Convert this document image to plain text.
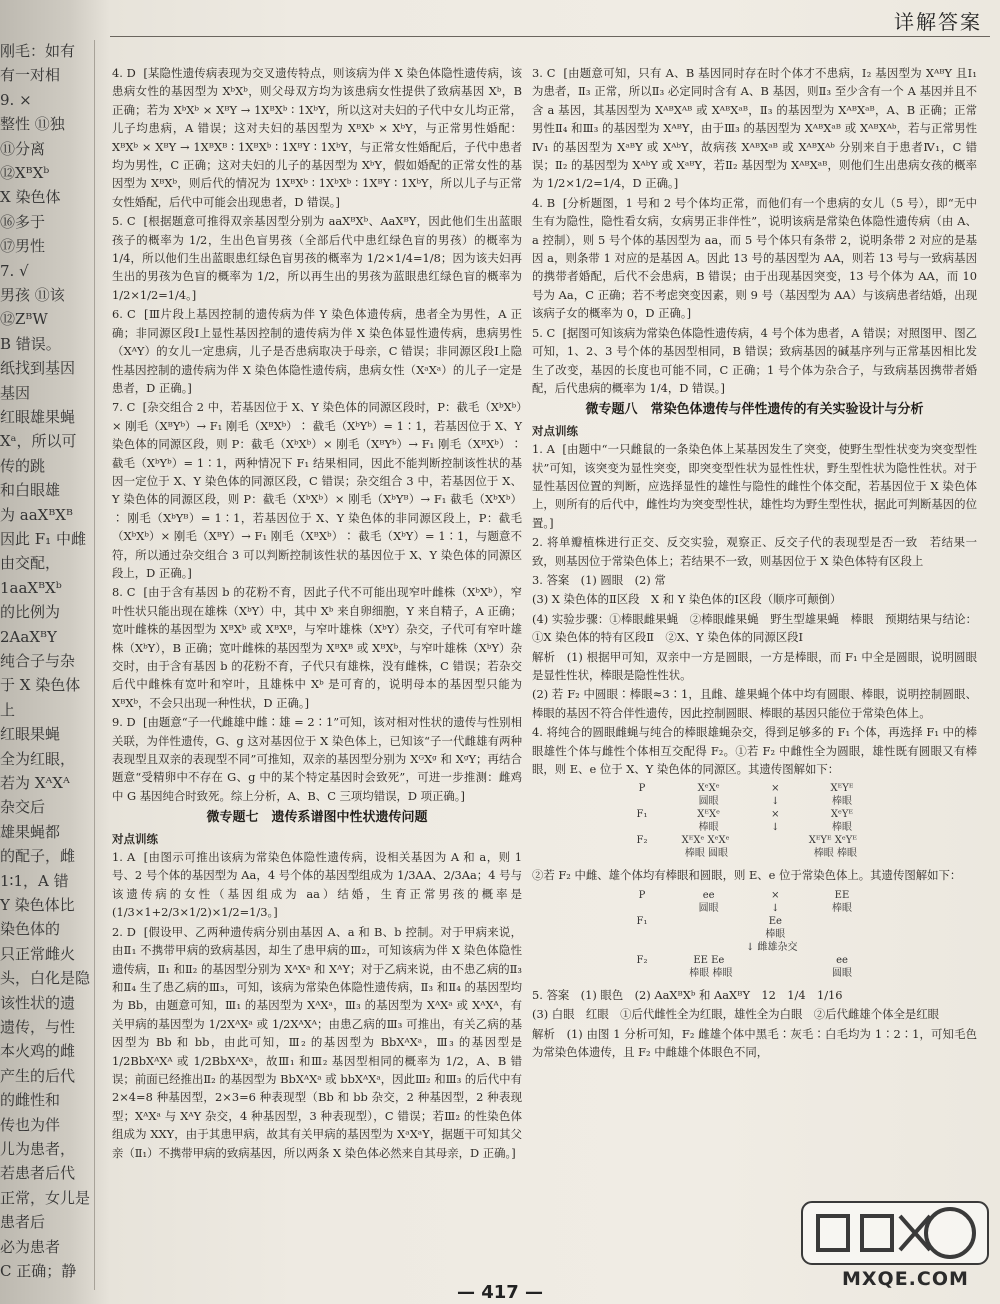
详解答案
刚毛：如有
有一对相
9. ×
整性 ⑪独
⑪分离
⑫XᴮXᵇ
X 染色体
⑯多于
⑰男性
7. √
男孩 ⑪该
⑫ZᴮW
B 错误。
纸找到基因
基因
红眼雄果蝇
Xᵃ，所以可
传的跳
和白眼雄
为 aaXᴮXᴮ
因此 F₁ 中雌
由交配，
1aaXᴮXᵇ
的比例为
2AaXᴮY
纯合子与杂
于 X 染色体
上
红眼果蝇
全为红眼，
若为 XᴬXᴬ
杂交后
雄果蝇都
的配子，雌
1∶1，A 错
Y 染色体比
染色体的
只正常雌火
头，白化是隐
该性状的遗
遗传，与性
本火鸡的雌
产生的后代
的雌性和
传也为伴
儿为患者，
若患者后代
正常，女儿是
患者后
必为患者
C 正确；静

4. D  [某隐性遗传病表现为交叉遗传特点，则该病为伴 X 染色体隐性遗传病，该患病女性的基因型为 XᵇXᵇ，则父母双方均为该患病女性提供了致病基因 Xᵇ，B 正确；若为 XᵇXᵇ × XᴮY → 1XᴮXᵇ ∶ 1XᵇY，所以这对夫妇的子代中女儿均正常，儿子均患病，A 错误；这对夫妇的基因型为 XᴮXᵇ × XᵇY，与正常男性婚配：XᴮXᵇ × XᴮY → 1XᴮXᴮ ∶ 1XᴮXᵇ ∶ 1XᴮY ∶ 1XᵇY，与正常女性婚配后，子代中患者均为男性，C 正确；这对夫妇的儿子的基因型为 XᵇY，假如婚配的正常女性的基因型为 XᴮXᵇ，则后代的情况为 1XᴮXᵇ ∶ 1XᵇXᵇ ∶ 1XᴮY ∶ 1XᵇY，所以儿子与正常女性婚配，后代中可能会出现患者，D 错误。]

5. C  [根据题意可推得双亲基因型分别为 aaXᴮXᵇ、AaXᴮY，因此他们生出蓝眼孩子的概率为 1/2，生出色盲男孩（全部后代中患红绿色盲的男孩）的概率为 1/4，所以他们生出蓝眼患红绿色盲男孩的概率为 1/2×1/4=1/8；因为该夫妇再生出的男孩为色盲的概率为 1/2，所以再生出的男孩为蓝眼患红绿色盲的概率为 1/2×1/2=1/4。]

6. C  [Ⅲ片段上基因控制的遗传病为伴 Y 染色体遗传病，患者全为男性，A 正确；非同源区段Ⅰ上显性基因控制的遗传病为伴 X 染色体显性遗传病，患病男性（XᴬY）的女儿一定患病，儿子是否患病取决于母亲，C 错误；非同源区段Ⅰ上隐性基因控制的遗传病为伴 X 染色体隐性遗传病，患病女性（XᵃXᵃ）的儿子一定是患者，D 正确。]

7. C  [杂交组合 2 中，若基因位于 X、Y 染色体的同源区段时，P：截毛（XᵇXᵇ）× 刚毛（XᴮYᵇ）→ F₁ 刚毛（XᴮXᵇ）∶ 截毛（XᵇYᵇ）= 1∶1，若基因位于 X、Y 染色体的同源区段，则 P：截毛（XᵇXᵇ）× 刚毛（XᴮYᵇ）→ F₁ 刚毛（XᴮXᵇ）∶ 截毛（XᵇYᵇ）= 1∶1，两种情况下 F₁ 结果相同，因此不能判断控制该性状的基因一定位于 X、Y 染色体的同源区段，C 错误；杂交组合 3 中，若基因位于 X、Y 染色体的同源区段，则 P：截毛（XᵇXᵇ）× 刚毛（XᵇYᴮ）→ F₁ 截毛（XᵇXᵇ）∶ 刚毛（XᵇYᴮ）= 1∶1，若基因位于 X、Y 染色体的非同源区段上，P：截毛（XᵇXᵇ）× 刚毛（XᴮY）→ F₁ 刚毛（XᴮXᵇ）∶ 截毛（XᵇY）= 1∶1，与题意不符，所以通过杂交组合 3 可以判断控制该性状的基因位于 X、Y 染色体的同源区段上，D 正确。]

8. C  [由于含有基因 b 的花粉不育，因此子代不可能出现窄叶雌株（XᵇXᵇ），窄叶性状只能出现在雄株（XᵇY）中，其中 Xᵇ 来自卵细胞，Y 来自精子，A 正确；宽叶雌株的基因型为 XᴮXᵇ 或 XᴮXᴮ，与窄叶雄株（XᵇY）杂交，子代可有窄叶雄株（XᵇY），B 正确；宽叶雌株的基因型为 XᴮXᴮ 或 XᴮXᵇ，与窄叶雄株（XᵇY）杂交时，由于含有基因 b 的花粉不育，子代只有雄株，没有雌株，C 错误；若杂交后代中雌株有宽叶和窄叶，且雄株中 Xᵇ 是可育的，说明母本的基因型只能为 XᴮXᵇ，不会只出现一种性状，D 正确。]

9. D  [由题意“子一代雌雄中雌∶雄 = 2∶1”可知，该对相对性状的遗传与性别相关联，为伴性遗传，G、g 这对基因位于 X 染色体上，已知该“子一代雌雄有两种表现型且双亲的表现型不同”可推知，双亲的基因型分别为 XᴳXᵍ 和 XᵍY；再结合题意“受精卵中不存在 G、g 中的某个特定基因时会致死”，可进一步推测：雌鸡中 G 基因纯合时致死。综上分析，A、B、C 三项均错误，D 项正确。]

微专题七　遗传系谱图中性状遗传问题
对点训练

1. A  [由图示可推出该病为常染色体隐性遗传病，设相关基因为 A 和 a，则 1 号、2 号个体的基因型为 Aa，4 号个体的基因型组成为 1/3AA、2/3Aa；4 号与该遗传病的女性（基因组成为 aa）结婚，生育正常男孩的概率是 (1/3×1+2/3×1/2)×1/2=1/3。]

2. D  [假设甲、乙两种遗传病分别由基因 A、a 和 B、b 控制。对于甲病来说，由Ⅱ₁ 不携带甲病的致病基因，却生了患甲病的Ⅲ₂，可知该病为伴 X 染色体隐性遗传病，Ⅱ₁ 和Ⅱ₂ 的基因型分别为 XᴬXᵃ 和 XᴬY；对于乙病来说，由不患乙病的Ⅱ₃ 和Ⅱ₄ 生了患乙病的Ⅲ₃，可知，该病为常染色体隐性遗传病，Ⅱ₃ 和Ⅱ₄ 的基因型均为 Bb，由题意可知，Ⅲ₁ 的基因型为 XᴬXᵃ，Ⅲ₃ 的基因型为 XᴬXᵃ 或 XᴬXᴬ，有关甲病的基因型为 1/2XᴬXᵃ 或 1/2XᴬXᴬ；由患乙病的Ⅲ₃ 可推出，有关乙病的基因型为 Bb 和 bb，由此可知，Ⅲ₂ 的基因型为 BbXᴬXᵃ，Ⅲ₃ 的基因型是 1/2BbXᴬXᴬ 或 1/2BbXᴬXᵃ，故Ⅲ₁ 和Ⅲ₂ 基因型相同的概率为 1/2，A、B 错误；前面已经推出Ⅱ₂ 的基因型为 BbXᴬXᵃ 或 bbXᴬXᵃ，因此Ⅲ₂ 和Ⅲ₃ 的后代中有 2×4=8 种基因型，2×3=6 种表现型（Bb 和 bb 杂交，2 种基因型，2 种表现型；XᴬXᵃ 与 XᴬY 杂交，4 种基因型，3 种表现型），C 错误；若Ⅲ₂ 的性染色体组成为 XXY，由于其患甲病，故其有关甲病的基因型为 XᵃXᵃY，据题干可知其父亲（Ⅱ₁）不携带甲病的致病基因，所以两条 X 染色体必然来自其母亲，D 正确。]

3. C  [由题意可知，只有 A、B 基因同时存在时个体才不患病，Ⅰ₂ 基因型为 XᴬᴮY 且Ⅰ₁ 为患者，Ⅱ₃ 正常，所以Ⅱ₃ 必定同时含有 A、B 基因，则Ⅱ₃ 至少含有一个 A 基因并且不含 a 基因，其基因型为 XᴬᴮXᴬᴮ 或 XᴬᴮXᵃᴮ，Ⅱ₃ 的基因型为 XᴬᴮXᵃᴮ，A、B 正确；正常男性Ⅱ₄ 和Ⅲ₃ 的基因型为 XᴬᴮY，由于Ⅲ₃ 的基因型为 XᴬᴮXᵃᴮ 或 XᴬᴮXᴬᵇ，若与正常男性Ⅳ₁ 的基因型为 XᵃᴮY 或 XᴬᵇY，故病孩 XᴬᴮXᵃᴮ 或 XᴬᴮXᴬᵇ 分别来自于患者Ⅳ₁，C 错误；Ⅱ₂ 的基因型为 XᴬᵇY 或 XᵃᴮY，若Ⅱ₂ 基因型为 XᴬᴮXᵃᴮ，则他们生出患病女孩的概率为 1/2×1/2=1/4，D 正确。]

4. B  [分析题图，1 号和 2 号个体均正常，而他们有一个患病的女儿（5 号），即“无中生有为隐性，隐性看女病，女病男正非伴性”，说明该病是常染色体隐性遗传病（由 A、a 控制），则 5 号个体的基因型为 aa，而 5 号个体只有条带 2，说明条带 2 对应的是基因 a，则条带 1 对应的是基因 A。因此 13 号的基因型为 AA，则若 13 号与一致病基因的携带者婚配，后代不会患病，B 错误；由于出现基因突变，13 号个体为 AA，而 10 号为 Aa，C 正确；若不考虑突变因素，则 9 号（基因型为 AA）与该病患者结婚，出现该病子女的概率为 0，D 正确。]

5. C  [据图可知该病为常染色体隐性遗传病，4 号个体为患者，A 错误；对照图甲、图乙可知，1、2、3 号个体的基因型相同，B 错误；致病基因的碱基序列与正常基因相比发生了改变，基因的长度也可能不同，C 正确；1 号个体为杂合子，与致病基因携带者婚配，后代患病的概率为 1/4，D 错误。]

微专题八　常染色体遗传与伴性遗传的有关实验设计与分析
对点训练

1. A  [由题中“一只雌鼠的一条染色体上某基因发生了突变，使野生型性状变为突变型性状”可知，该突变为显性突变，即突变型性状为显性性状，野生型性状为隐性性状。对于显性基因位置的判断，应选择显性的雄性与隐性的雌性个体交配，若基因位于 X 染色体上，则所有的后代中，雌性均为突变型性状，雄性均为野生型性状，据此可判断基因的位置。]

2. 将单瓣植株进行正交、反交实验，观察正、反交子代的表现型是否一致　若结果一致，则基因位于常染色体上；若结果不一致，则基因位于 X 染色体特有区段上

3. 答案　(1) 圆眼　(2) 常

(3) X 染色体的Ⅱ区段　X 和 Y 染色体的Ⅰ区段（顺序可颠倒）

(4) 实验步骤：①棒眼雌果蝇　②棒眼雌果蝇　野生型雄果蝇　棒眼　预期结果与结论：①X 染色体的特有区段Ⅱ　②X、Y 染色体的同源区段Ⅰ

解析　(1) 根据甲可知，双亲中一方是圆眼，一方是棒眼，而 F₁ 中全是圆眼，说明圆眼是显性性状，棒眼是隐性性状。

(2) 若 F₂ 中圆眼∶棒眼≈3∶1，且雌、雄果蝇个体中均有圆眼、棒眼，说明控制圆眼、棒眼的基因不符合伴性遗传，因此控制圆眼、棒眼的基因只能位于常染色体上。

4. 将纯合的圆眼雌蝇与纯合的棒眼雄蝇杂交，得到足够多的 F₁ 个体，再选择 F₁ 中的棒眼雄性个体与雌性个体相互交配得 F₂。①若 F₂ 中雌性全为圆眼，雄性既有圆眼又有棒眼，则 E、e 位于 X、Y 染色体的同源区。其遗传图解如下：

P	XᵉXᵉ	×	XᴱYᴱ
圆眼	↓	棒眼
F₁	XᴱXᵉ	×	XᵉYᴱ
棒眼	↓	棒眼
F₂	XᴱXᵉ XᵉXᵉ	XᴱYᴱ XᵉYᴱ
棒眼 圆眼	棒眼 棒眼

②若 F₂ 中雌、雄个体均有棒眼和圆眼，则 E、e 位于常染色体上。其遗传图解如下：

P	ee	×	EE
圆眼	↓	棒眼
F₁	Ee
棒眼
↓ 雌雄杂交
F₂	EE Ee	ee
棒眼 棒眼	圆眼

5. 答案　(1) 眼色　(2) AaXᴮXᵇ 和 AaXᴮY　12　1/4　1/16

(3) 白眼　红眼　①后代雌性全为红眼，雄性全为白眼　②后代雌雄个体全是红眼

解析　(1) 由图 1 分析可知，F₂ 雌雄个体中黑毛∶灰毛∶白毛均为 1∶2∶1，可知毛色为常染色体遗传，且 F₂ 中雌雄个体眼色不同，

— 417 —
MXQE.COM
